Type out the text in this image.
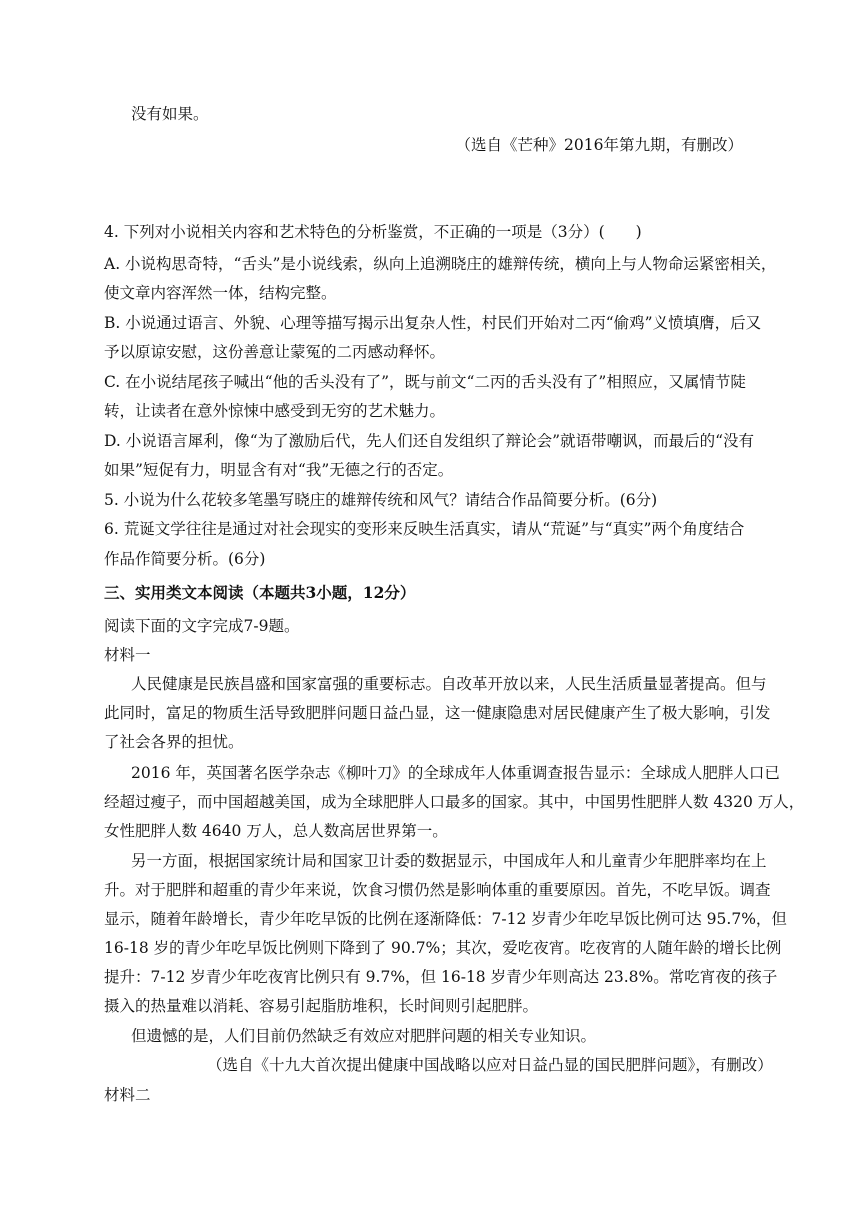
没有如果。
（选自《芒种》2016年第九期，有删改）
4. 下列对小说相关内容和艺术特色的分析鉴赏，不正确的一项是（3分）(　　)
A. 小说构思奇特，“舌头”是小说线索，纵向上追溯晓庄的雄辩传统，横向上与人物命运紧密相关，
使文章内容浑然一体，结构完整。
B. 小说通过语言、外貌、心理等描写揭示出复杂人性，村民们开始对二丙“偷鸡”义愤填膺，后又
予以原谅安慰，这份善意让蒙冤的二丙感动释怀。
C. 在小说结尾孩子喊出“他的舌头没有了”，既与前文“二丙的舌头没有了”相照应，又属情节陡
转，让读者在意外惊悚中感受到无穷的艺术魅力。
D. 小说语言犀利，像“为了激励后代，先人们还自发组织了辩论会”就语带嘲讽，而最后的“没有
如果”短促有力，明显含有对“我”无德之行的否定。
5. 小说为什么花较多笔墨写晓庄的雄辩传统和风气？请结合作品简要分析。(6分)
6. 荒诞文学往往是通过对社会现实的变形来反映生活真实，请从“荒诞”与“真实”两个角度结合
作品作简要分析。(6分)
三、实用类文本阅读（本题共3小题，12分）
阅读下面的文字完成7-9题。
材料一
人民健康是民族昌盛和国家富强的重要标志。自改革开放以来，人民生活质量显著提高。但与
此同时，富足的物质生活导致肥胖问题日益凸显，这一健康隐患对居民健康产生了极大影响，引发
了社会各界的担忧。
2016 年，英国著名医学杂志《柳叶刀》的全球成年人体重调查报告显示：全球成人肥胖人口已
经超过瘦子，而中国超越美国，成为全球肥胖人口最多的国家。其中，中国男性肥胖人数 4320 万人，
女性肥胖人数 4640 万人，总人数高居世界第一。
另一方面，根据国家统计局和国家卫计委的数据显示，中国成年人和儿童青少年肥胖率均在上
升。对于肥胖和超重的青少年来说，饮食习惯仍然是影响体重的重要原因。首先，不吃早饭。调查
显示，随着年龄增长，青少年吃早饭的比例在逐渐降低：7-12 岁青少年吃早饭比例可达 95.7%，但
16-18 岁的青少年吃早饭比例则下降到了 90.7%；其次，爱吃夜宵。吃夜宵的人随年龄的增长比例
提升：7-12 岁青少年吃夜宵比例只有 9.7%，但 16-18 岁青少年则高达 23.8%。常吃宵夜的孩子
摄入的热量难以消耗、容易引起脂肪堆积，长时间则引起肥胖。
但遗憾的是，人们目前仍然缺乏有效应对肥胖问题的相关专业知识。
（选自《十九大首次提出健康中国战略以应对日益凸显的国民肥胖问题》，有删改）
材料二
